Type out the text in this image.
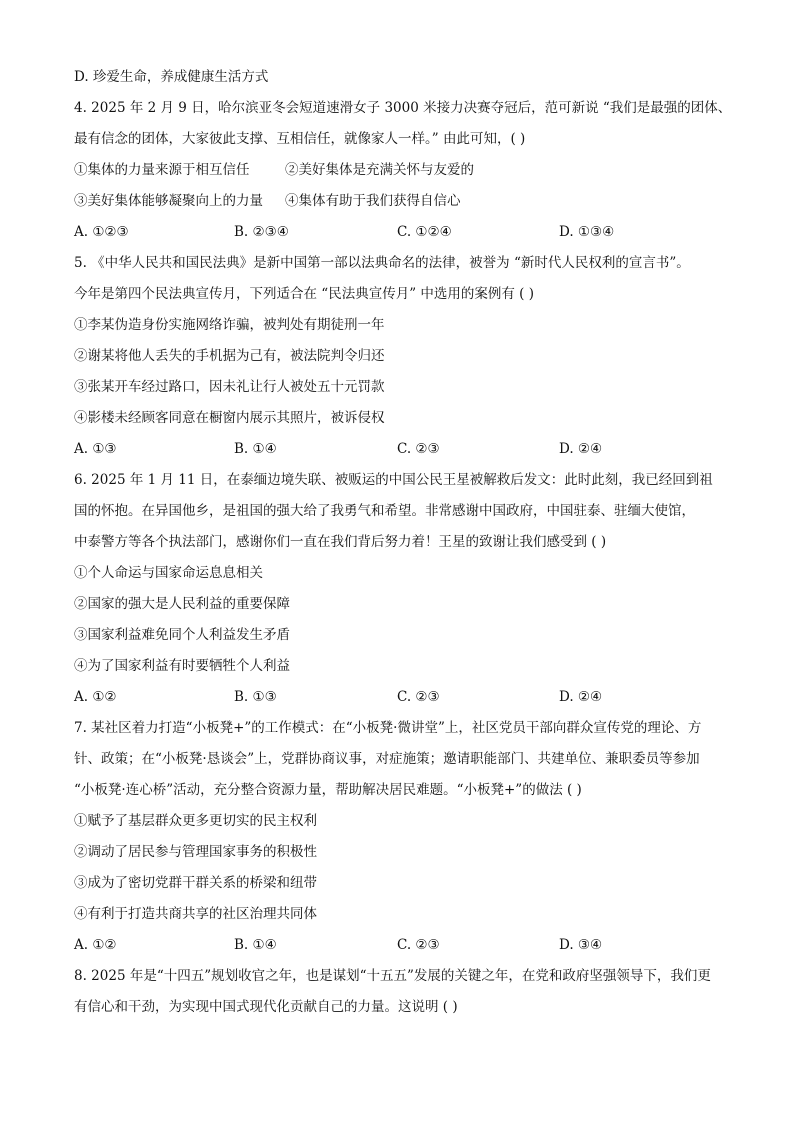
D. 珍爱生命，养成健康生活方式
4. 2025 年 2 月 9 日，哈尔滨亚冬会短道速滑女子 3000 米接力决赛夺冠后，范可新说 “我们是最强的团体、
最有信念的团体，大家彼此支撑、互相信任，就像家人一样。” 由此可知，( )
①集体的力量来源于相互信任	②美好集体是充满关怀与友爱的
③美好集体能够凝聚向上的力量	④集体有助于我们获得自信心
A. ①②③	B. ②③④	C. ①②④	D. ①③④
5. 《中华人民共和国民法典》是新中国第一部以法典命名的法律，被誉为 “新时代人民权利的宣言书”。
今年是第四个民法典宣传月，下列适合在 “民法典宣传月” 中选用的案例有 ( )
①李某伪造身份实施网络诈骗，被判处有期徒刑一年
②谢某将他人丢失的手机据为己有，被法院判令归还
③张某开车经过路口，因未礼让行人被处五十元罚款
④影楼未经顾客同意在橱窗内展示其照片，被诉侵权
A. ①③	B. ①④	C. ②③	D. ②④
6. 2025 年 1 月 11 日，在泰缅边境失联、被贩运的中国公民王星被解救后发文：此时此刻，我已经回到祖
国的怀抱。在异国他乡，是祖国的强大给了我勇气和希望。非常感谢中国政府，中国驻泰、驻缅大使馆，
中泰警方等各个执法部门，感谢你们一直在我们背后努力着！王星的致谢让我们感受到 ( )
①个人命运与国家命运息息相关
②国家的强大是人民利益的重要保障
③国家利益难免同个人利益发生矛盾
④为了国家利益有时要牺牲个人利益
A. ①②	B. ①③	C. ②③	D. ②④
7. 某社区着力打造“小板凳+”的工作模式：在“小板凳·微讲堂”上，社区党员干部向群众宣传党的理论、方
针、政策；在“小板凳·恳谈会”上，党群协商议事，对症施策；邀请职能部门、共建单位、兼职委员等参加
“小板凳·连心桥”活动，充分整合资源力量，帮助解决居民难题。“小板凳+”的做法 ( )
①赋予了基层群众更多更切实的民主权利
②调动了居民参与管理国家事务的积极性
③成为了密切党群干群关系的桥梁和纽带
④有利于打造共商共享的社区治理共同体
A. ①②	B. ①④	C. ②③	D. ③④
8. 2025 年是“十四五”规划收官之年，也是谋划“十五五”发展的关键之年，在党和政府坚强领导下，我们更
有信心和干劲，为实现中国式现代化贡献自己的力量。这说明 ( )
